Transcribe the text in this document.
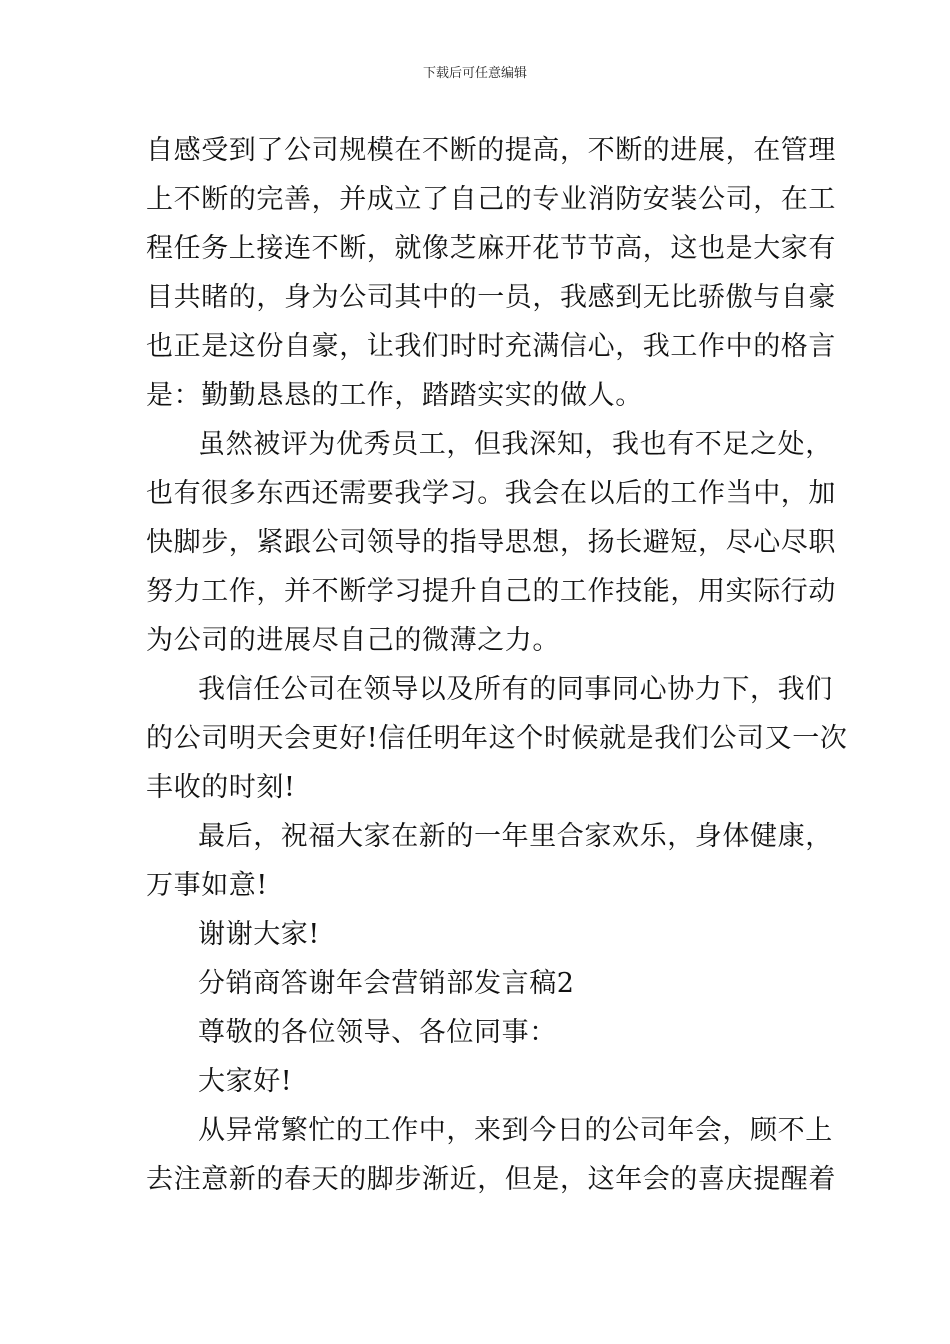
下载后可任意编辑
自感受到了公司规模在不断的提高，不断的进展，在管理
上不断的完善，并成立了自己的专业消防安装公司，在工
程任务上接连不断，就像芝麻开花节节高，这也是大家有
目共睹的，身为公司其中的一员，我感到无比骄傲与自豪
也正是这份自豪，让我们时时充满信心，我工作中的格言
是：勤勤恳恳的工作，踏踏实实的做人。
虽然被评为优秀员工，但我深知，我也有不足之处，
也有很多东西还需要我学习。我会在以后的工作当中，加
快脚步，紧跟公司领导的指导思想，扬长避短，尽心尽职
努力工作，并不断学习提升自己的工作技能，用实际行动
为公司的进展尽自己的微薄之力。
我信任公司在领导以及所有的同事同心协力下，我们
的公司明天会更好!信任明年这个时候就是我们公司又一次
丰收的时刻!
最后，祝福大家在新的一年里合家欢乐，身体健康，
万事如意!
谢谢大家!
分销商答谢年会营销部发言稿2
尊敬的各位领导、各位同事：
大家好!
从异常繁忙的工作中，来到今日的公司年会，顾不上
去注意新的春天的脚步渐近，但是，这年会的喜庆提醒着
